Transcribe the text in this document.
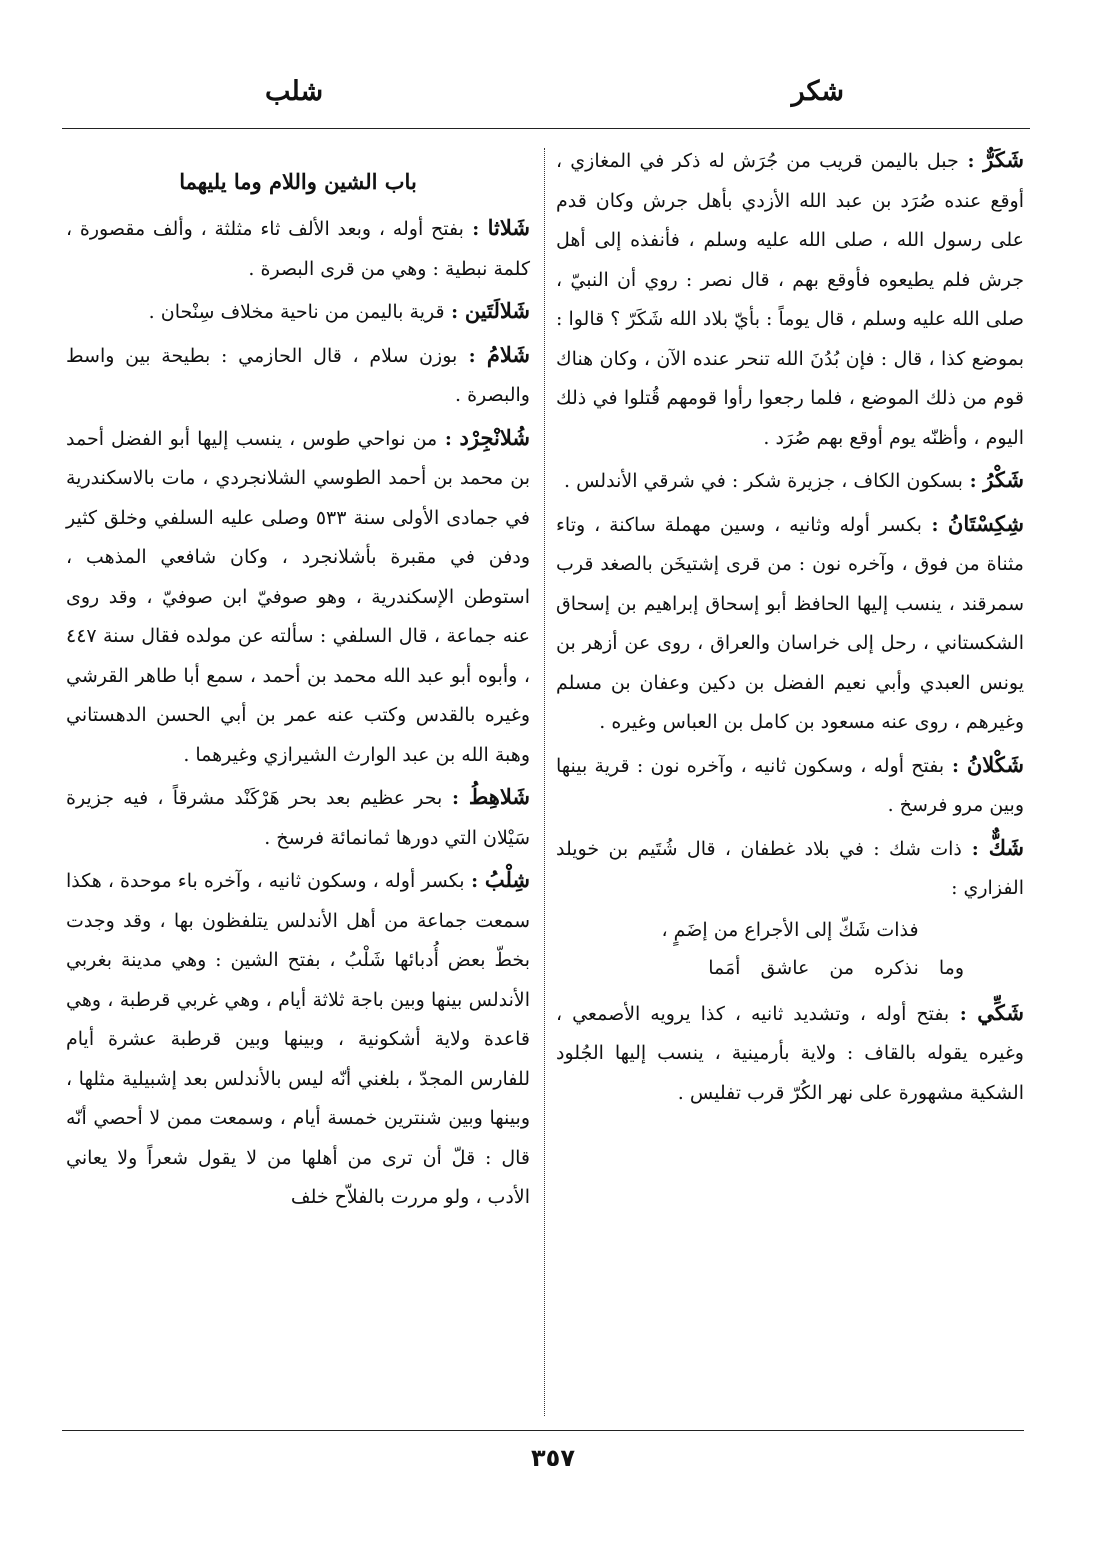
شكر
شلب

شَكَرٌّ : جبل باليمن قريب من جُرَش له ذكر في المغازي ، أوقع عنده صُرَد بن عبد الله الأزدي بأهل جرش وكان قدم على رسول الله ، صلى الله عليه وسلم ، فأنفذه إلى أهل جرش فلم يطيعوه فأوقع بهم ، قال نصر : روي أن النبيّ ، صلى الله عليه وسلم ، قال يوماً : بأيّ بلاد الله شَكَرّ ؟ قالوا : بموضع كذا ، قال : فإن بُدُنَ الله تنحر عنده الآن ، وكان هناك قوم من ذلك الموضع ، فلما رجعوا رأوا قومهم قُتلوا في ذلك اليوم ، وأظنّه يوم أوقع بهم صُرَد .

شَكْرُ : بسكون الكاف ، جزيرة شكر : في شرقي الأندلس .

شِكِسْتَانُ : بكسر أوله وثانيه ، وسين مهملة ساكنة ، وتاء مثناة من فوق ، وآخره نون : من قرى إشتيخَن بالصغد قرب سمرقند ، ينسب إليها الحافظ أبو إسحاق إبراهيم بن إسحاق الشكستاني ، رحل إلى خراسان والعراق ، روى عن أزهر بن يونس العبدي وأبي نعيم الفضل بن دكين وعفان بن مسلم وغيرهم ، روى عنه مسعود بن كامل بن العباس وغيره .

شَكْلانُ : بفتح أوله ، وسكون ثانيه ، وآخره نون : قرية بينها وبين مرو فرسخ .

شَكٌّ : ذات شك : في بلاد غطفان ، قال شُتَيم بن خويلد الفزاري :

فذات شَكّ إلى الأجراع من إضَمٍ ،
وما نذكره من عاشق أمَما

شَكِّي : بفتح أوله ، وتشديد ثانيه ، كذا يرويه الأصمعي ، وغيره يقوله بالقاف : ولاية بأرمينية ، ينسب إليها الجُلود الشكية مشهورة على نهر الكُرّ قرب تفليس .

باب الشين واللام وما يليهما

شَلاثا : بفتح أوله ، وبعد الألف ثاء مثلثة ، وألف مقصورة ، كلمة نبطية : وهي من قرى البصرة .

شَلالَتَين : قرية باليمن من ناحية مخلاف سِنْحان .

شَلامُ : بوزن سلام ، قال الحازمي : بطيحة بين واسط والبصرة .

شُلانْجِرْد : من نواحي طوس ، ينسب إليها أبو الفضل أحمد بن محمد بن أحمد الطوسي الشلانجردي ، مات بالاسكندرية في جمادى الأولى سنة ٥٣٣ وصلى عليه السلفي وخلق كثير ودفن في مقبرة بأشلانجرد ، وكان شافعي المذهب ، استوطن الإسكندرية ، وهو صوفيّ ابن صوفيّ ، وقد روى عنه جماعة ، قال السلفي : سألته عن مولده فقال سنة ٤٤٧ ، وأبوه أبو عبد الله محمد بن أحمد ، سمع أبا طاهر القرشي وغيره بالقدس وكتب عنه عمر بن أبي الحسن الدهستاني وهبة الله بن عبد الوارث الشيرازي وغيرهما .

شَلاهِطُ : بحر عظيم بعد بحر هَرْكَنْد مشرقاً ، فيه جزيرة سَيْلان التي دورها ثمانمائة فرسخ .

شِلْبُ : بكسر أوله ، وسكون ثانيه ، وآخره باء موحدة ، هكذا سمعت جماعة من أهل الأندلس يتلفظون بها ، وقد وجدت بخطّ بعض أُدبائها شَلْبُ ، بفتح الشين : وهي مدينة بغربي الأندلس بينها وبين باجة ثلاثة أيام ، وهي غربي قرطبة ، وهي قاعدة ولاية أشكونية ، وبينها وبين قرطبة عشرة أيام للفارس المجدّ ، بلغني أنّه ليس بالأندلس بعد إشبيلية مثلها ، وبينها وبين شنترين خمسة أيام ، وسمعت ممن لا أحصي أنّه قال : قلّ أن ترى من أهلها من لا يقول شعراً ولا يعاني الأدب ، ولو مررت بالفلاّح خلف

٣٥٧
